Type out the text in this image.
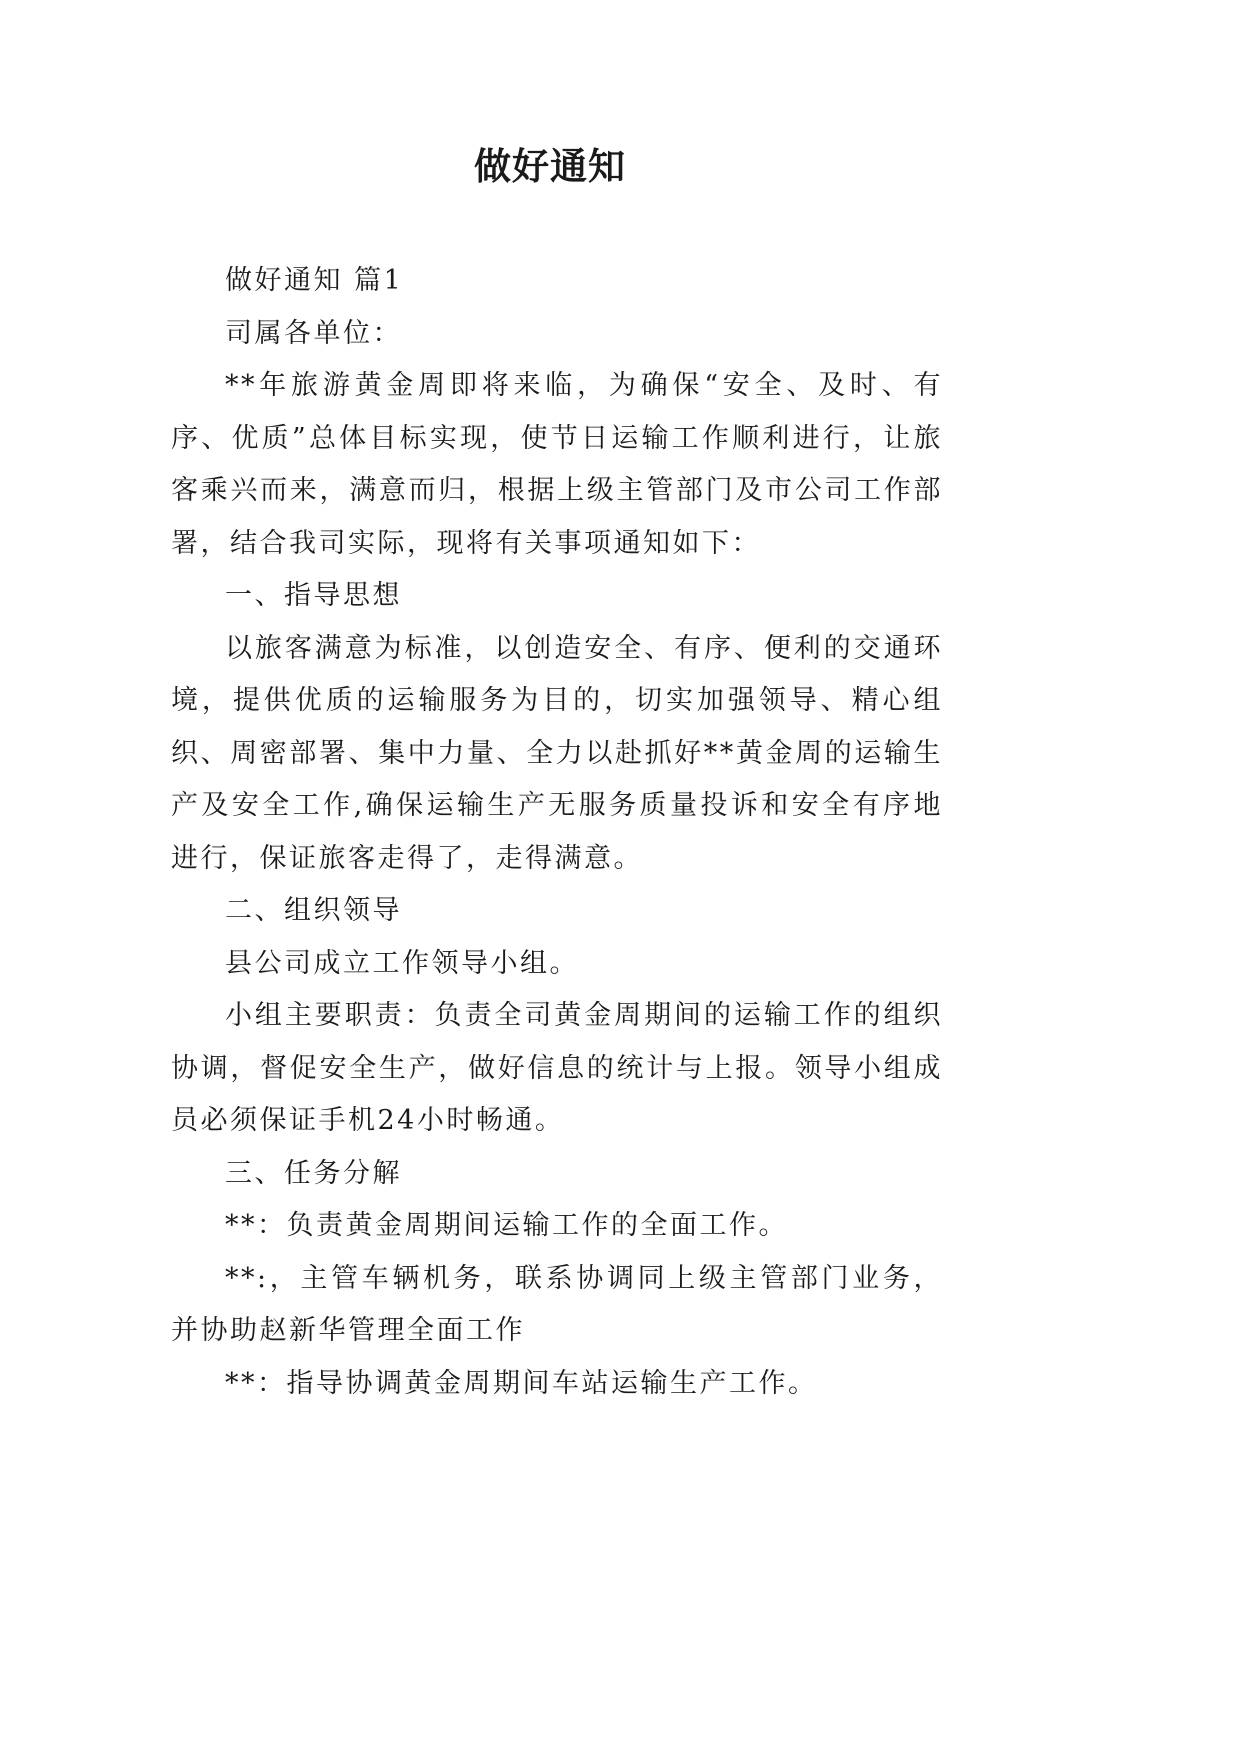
做好通知

做好通知 篇1

司属各单位：

**年旅游黄金周即将来临，为确保“安全、及时、有序、优质”总体目标实现，使节日运输工作顺利进行，让旅客乘兴而来，满意而归，根据上级主管部门及市公司工作部署，结合我司实际，现将有关事项通知如下：

一、指导思想

以旅客满意为标准，以创造安全、有序、便利的交通环境，提供优质的运输服务为目的，切实加强领导、精心组织、周密部署、集中力量、全力以赴抓好**黄金周的运输生产及安全工作,确保运输生产无服务质量投诉和安全有序地进行，保证旅客走得了，走得满意。

二、组织领导

县公司成立工作领导小组。

小组主要职责：负责全司黄金周期间的运输工作的组织协调，督促安全生产，做好信息的统计与上报。领导小组成员必须保证手机24小时畅通。

三、任务分解

**：负责黄金周期间运输工作的全面工作。

**:，主管车辆机务，联系协调同上级主管部门业务，并协助赵新华管理全面工作

**：指导协调黄金周期间车站运输生产工作。
